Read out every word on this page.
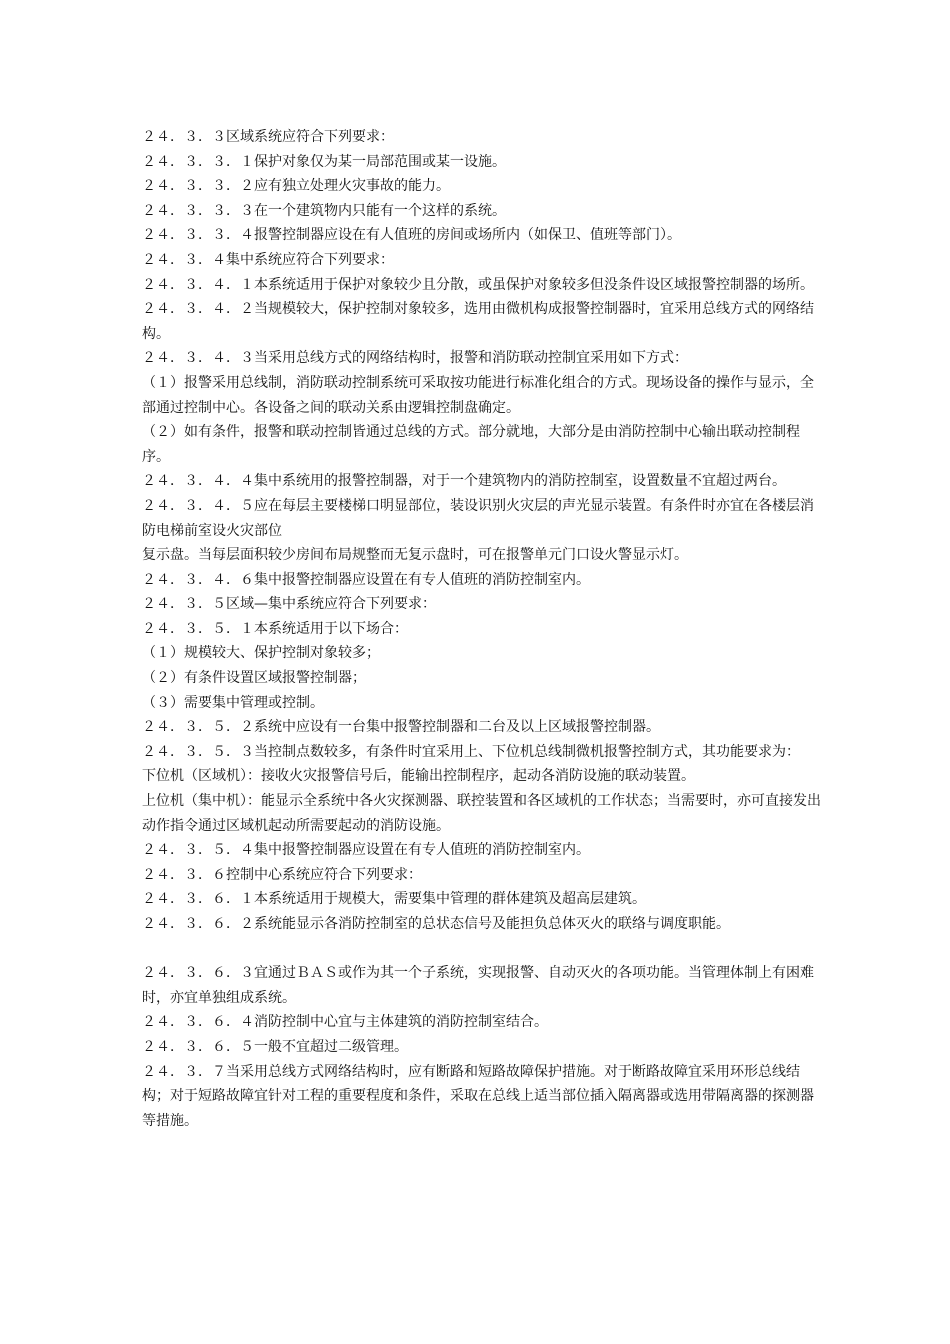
２４．３．３区域系统应符合下列要求：

２４．３．３．１保护对象仅为某一局部范围或某一设施。

２４．３．３．２应有独立处理火灾事故的能力。

２４．３．３．３在一个建筑物内只能有一个这样的系统。

２４．３．３．４报警控制器应设在有人值班的房间或场所内（如保卫、值班等部门）。

２４．３．４集中系统应符合下列要求：

２４．３．４．１本系统适用于保护对象较少且分散，或虽保护对象较多但没条件设区域报警控制器的场所。

２４．３．４．２当规模较大，保护控制对象较多，选用由微机构成报警控制器时，宜采用总线方式的网络结构。

２４．３．４．３当采用总线方式的网络结构时，报警和消防联动控制宜采用如下方式：

（１）报警采用总线制，消防联动控制系统可采取按功能进行标准化组合的方式。现场设备的操作与显示，全部通过控制中心。各设备之间的联动关系由逻辑控制盘确定。

（２）如有条件，报警和联动控制皆通过总线的方式。部分就地，大部分是由消防控制中心输出联动控制程序。

２４．３．４．４集中系统用的报警控制器，对于一个建筑物内的消防控制室，设置数量不宜超过两台。

２４．３．４．５应在每层主要楼梯口明显部位，装设识别火灾层的声光显示装置。有条件时亦宜在各楼层消防电梯前室设火灾部位

复示盘。当每层面积较少房间布局规整而无复示盘时，可在报警单元门口设火警显示灯。

２４．３．４．６集中报警控制器应设置在有专人值班的消防控制室内。

２４．３．５区域—集中系统应符合下列要求：

２４．３．５．１本系统适用于以下场合：

（１）规模较大、保护控制对象较多；

（２）有条件设置区域报警控制器；

（３）需要集中管理或控制。

２４．３．５．２系统中应设有一台集中报警控制器和二台及以上区域报警控制器。

２４．３．５．３当控制点数较多，有条件时宜采用上、下位机总线制微机报警控制方式，其功能要求为：

下位机（区域机）：接收火灾报警信号后，能输出控制程序，起动各消防设施的联动装置。

上位机（集中机）：能显示全系统中各火灾探测器、联控装置和各区域机的工作状态；当需要时，亦可直接发出动作指令通过区域机起动所需要起动的消防设施。

２４．３．５．４集中报警控制器应设置在有专人值班的消防控制室内。

２４．３．６控制中心系统应符合下列要求：

２４．３．６．１本系统适用于规模大，需要集中管理的群体建筑及超高层建筑。

２４．３．６．２系统能显示各消防控制室的总状态信号及能担负总体灭火的联络与调度职能。

２４．３．６．３宜通过ＢＡＳ或作为其一个子系统，实现报警、自动灭火的各项功能。当管理体制上有困难时，亦宜单独组成系统。

２４．３．６．４消防控制中心宜与主体建筑的消防控制室结合。

２４．３．６．５一般不宜超过二级管理。

２４．３．７当采用总线方式网络结构时，应有断路和短路故障保护措施。对于断路故障宜采用环形总线结构；对于短路故障宜针对工程的重要程度和条件，采取在总线上适当部位插入隔离器或选用带隔离器的探测器等措施。
